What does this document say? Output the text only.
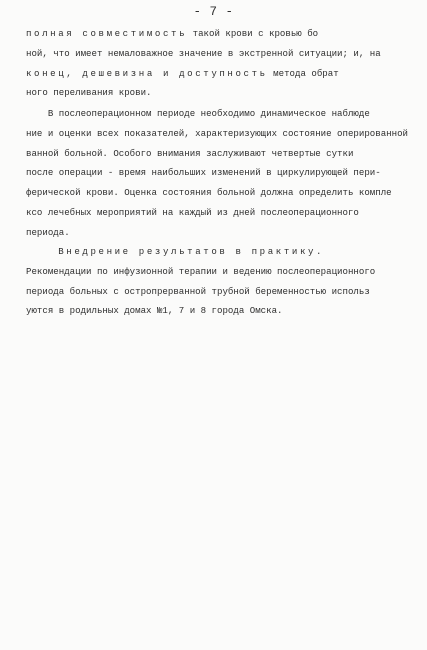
- 7 -
полная совместимость такой крови с кровью бо
ной, что имеет немаловажное значение в экстренной ситуации; и, на
конец, дешевизна и доступность метода обрат
ного переливания крови.
В послеоперационном периоде необходимо динамическое наблюде
ние и оценки всех показателей, характеризующих состояние оперированной
ванной больной. Особого внимания заслуживают четвертые сутки
после операции - время наибольших изменений в циркулирующей пери-
ферической крови. Оценка состояния больной должна определить компле
ксо лечебных мероприятий на каждый из дней послеоперационного
периода.
Внедрение результатов в практику.
Рекомендации по инфузионной терапии и ведению послеоперационного
периода больных с остропрерванной трубной беременностью использ
уются в родильных домах №1, 7 и 8 города Омска.
